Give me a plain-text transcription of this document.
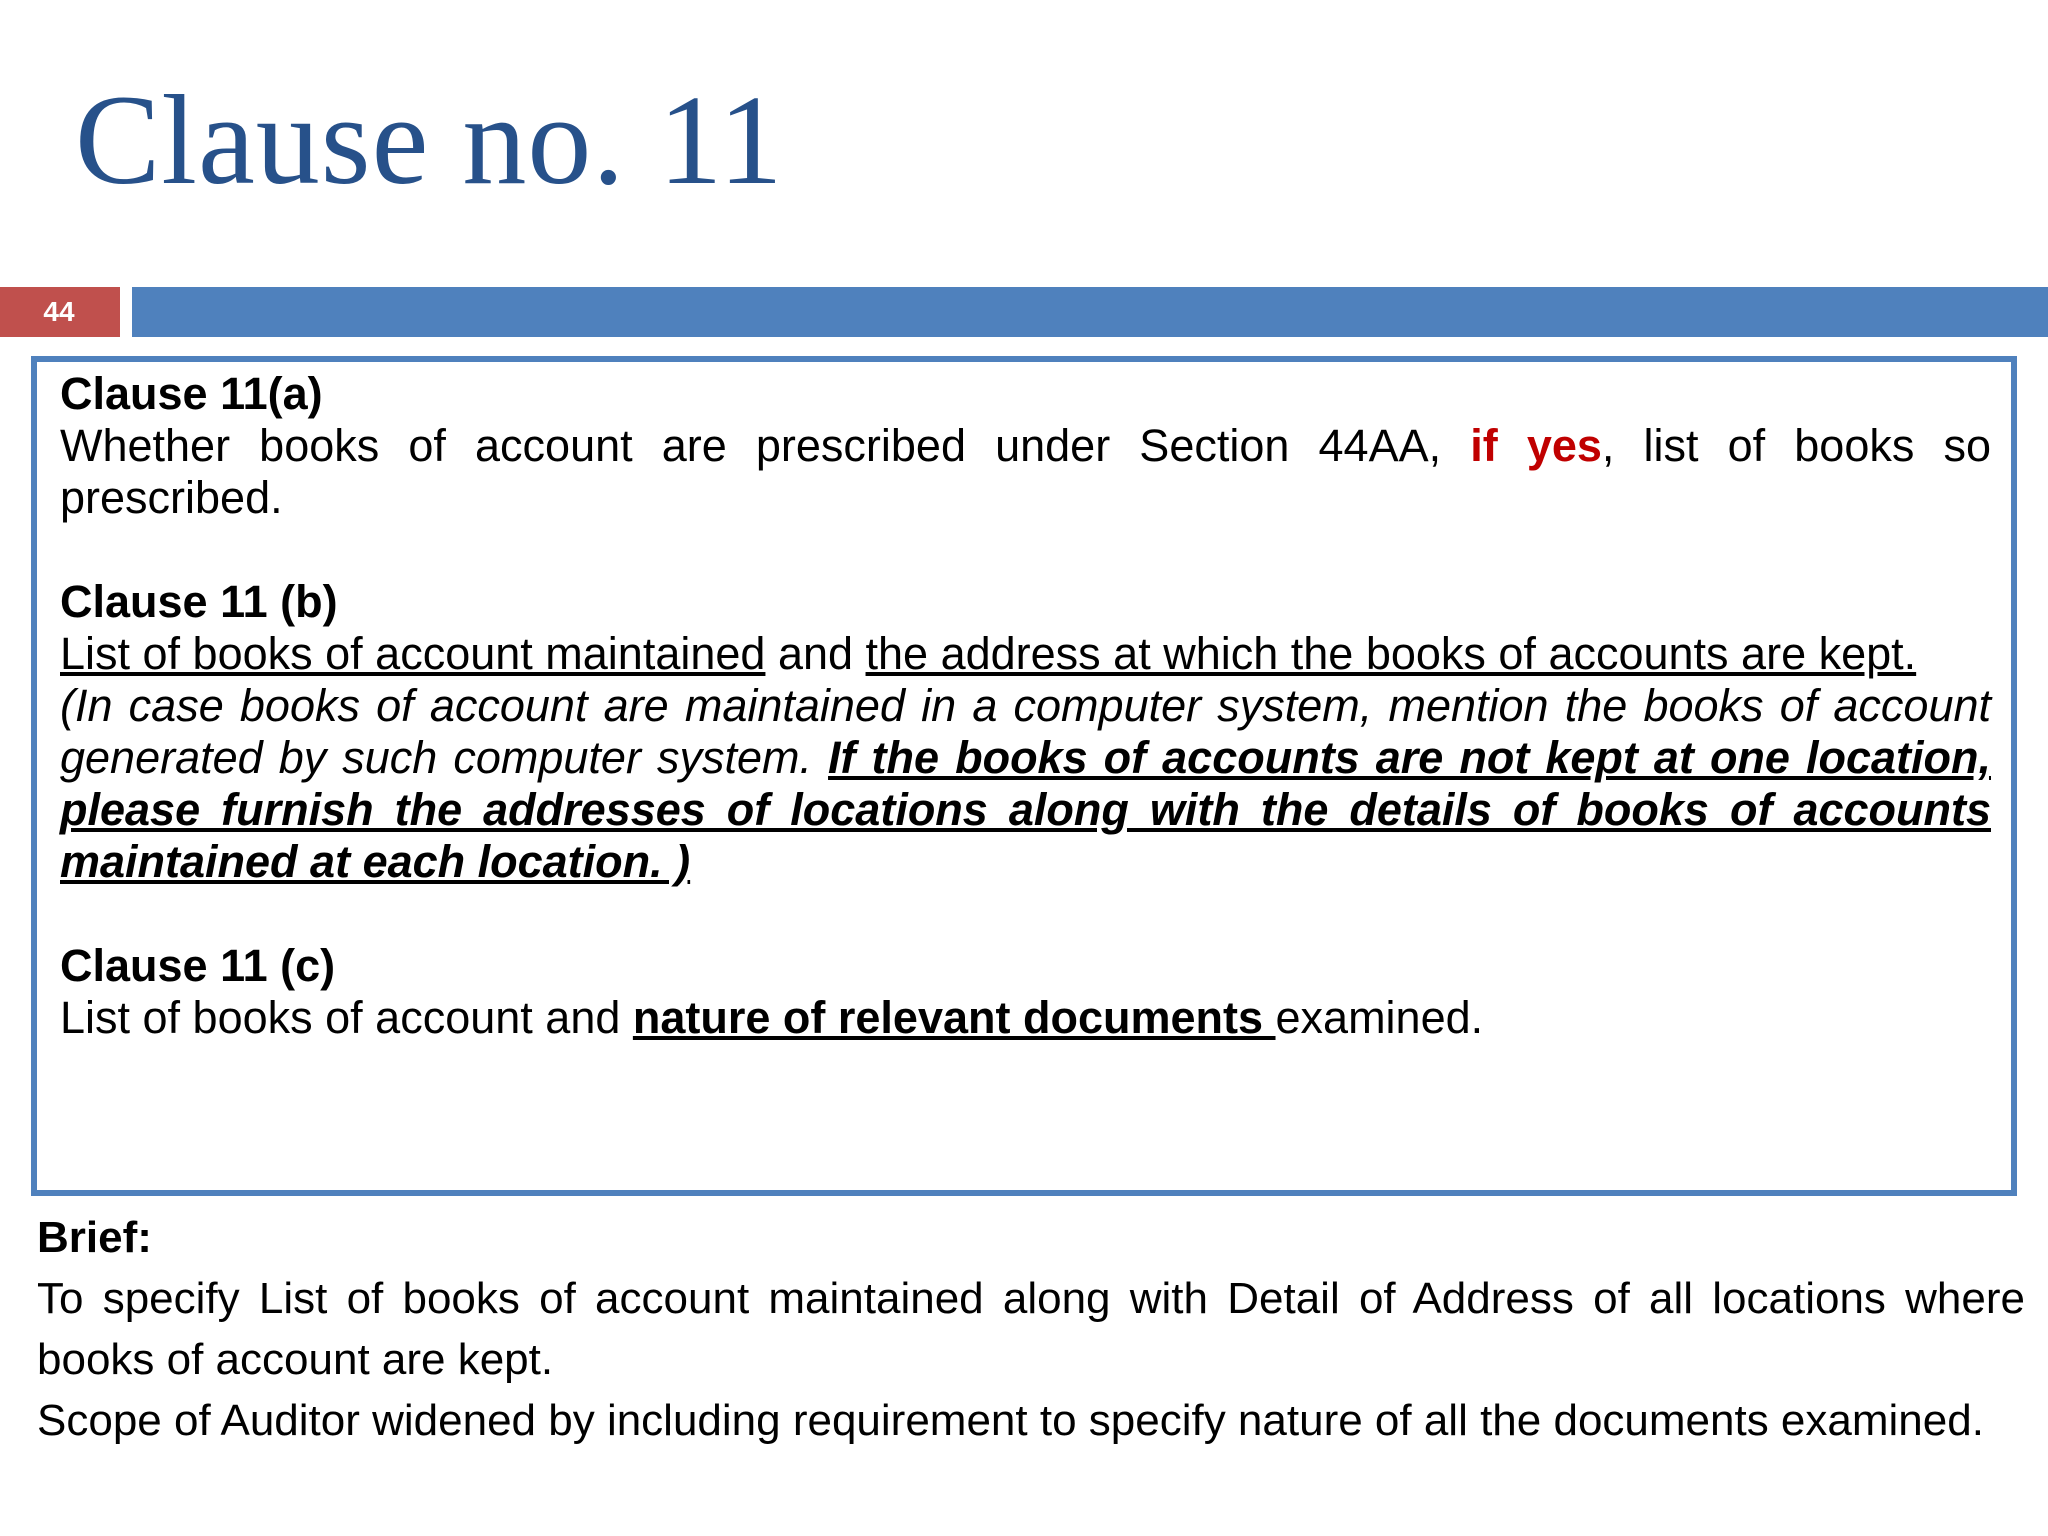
Clause no. 11
44

Clause 11(a)

Whether books of account are prescribed under Section 44AA, if yes, list of books so prescribed.

Clause 11 (b)

List of books of account maintained and the address at which the books of accounts are kept.

(In case books of account are maintained in a computer system, mention the books of account generated by such computer system. If the books of accounts are not kept at one location, please furnish the addresses of locations along with the details of books of accounts maintained at each location. )

Clause 11 (c)

List of books of account and nature of relevant documents examined.

Brief:

To specify List of books of account maintained along with Detail of Address of all locations where books of account are kept.

Scope of Auditor widened by including requirement to specify nature of all the documents examined.
